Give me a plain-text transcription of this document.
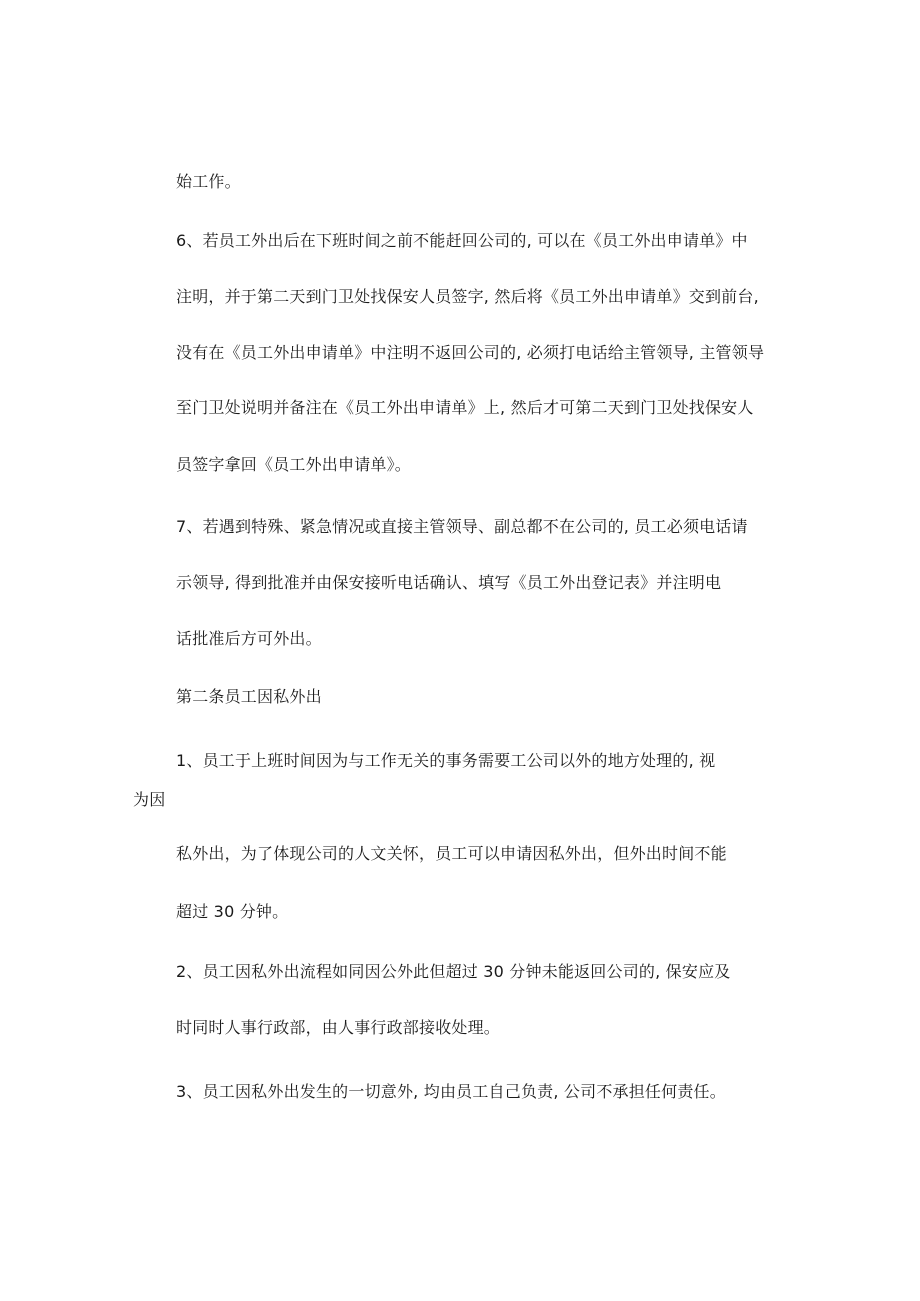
始工作。
6、若员工外出后在下班时间之前不能赶回公司的, 可以在《员工外出申请单》中
注明，并于第二天到门卫处找保安人员签字, 然后将《员工外出申请单》交到前台,
没有在《员工外出申请单》中注明不返回公司的, 必须打电话给主管领导, 主管领导
至门卫处说明并备注在《员工外出申请单》上, 然后才可第二天到门卫处找保安人
员签字拿回《员工外出申请单》。
7、若遇到特殊、紧急情况或直接主管领导、副总都不在公司的, 员工必须电话请
示领导, 得到批准并由保安接听电话确认、填写《员工外出登记表》并注明电
话批准后方可外出。
第二条员工因私外出
1、员工于上班时间因为与工作无关的事务需要工公司以外的地方处理的, 视
为因
私外出，为了体现公司的人文关怀，员工可以申请因私外出，但外出时间不能
超过 30 分钟。
2、员工因私外出流程如同因公外此但超过 30 分钟未能返回公司的, 保安应及
时同时人事行政部，由人事行政部接收处理。
3、员工因私外出发生的一切意外, 均由员工自己负责, 公司不承担任何责任。
